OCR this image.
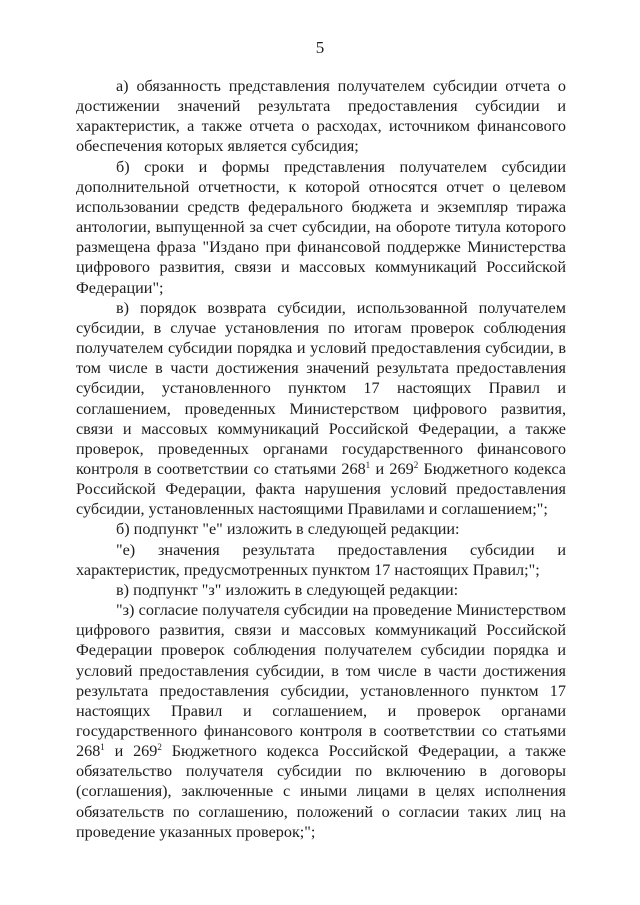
5

а) обязанность представления получателем субсидии отчета о достижении значений результата предоставления субсидии и характеристик, а также отчета о расходах, источником финансового обеспечения которых является субсидия;

б) сроки и формы представления получателем субсидии дополнительной отчетности, к которой относятся отчет о целевом использовании средств федерального бюджета и экземпляр тиража антологии, выпущенной за счет субсидии, на обороте титула которого размещена фраза "Издано при финансовой поддержке Министерства цифрового развития, связи и массовых коммуникаций Российской Федерации";

в) порядок возврата субсидии, использованной получателем субсидии, в случае установления по итогам проверок соблюдения получателем субсидии порядка и условий предоставления субсидии, в том числе в части достижения значений результата предоставления субсидии, установленного пунктом 17 настоящих Правил и соглашением, проведенных Министерством цифрового развития, связи и массовых коммуникаций Российской Федерации, а также проверок, проведенных органами государственного финансового контроля в соответствии со статьями $268^1$ и $269^2$ Бюджетного кодекса Российской Федерации, факта нарушения условий предоставления субсидии, установленных настоящими Правилами и соглашением;";

б) подпункт "е" изложить в следующей редакции:

"е) значения результата предоставления субсидии и характеристик, предусмотренных пунктом 17 настоящих Правил;";

в) подпункт "з" изложить в следующей редакции:

"з) согласие получателя субсидии на проведение Министерством цифрового развития, связи и массовых коммуникаций Российской Федерации проверок соблюдения получателем субсидии порядка и условий предоставления субсидии, в том числе в части достижения результата предоставления субсидии, установленного пунктом 17 настоящих Правил и соглашением, и проверок органами государственного финансового контроля в соответствии со статьями $268^1$ и $269^2$ Бюджетного кодекса Российской Федерации, а также обязательство получателя субсидии по включению в договоры (соглашения), заключенные с иными лицами в целях исполнения обязательств по соглашению, положений о согласии таких лиц на проведение указанных проверок;";
